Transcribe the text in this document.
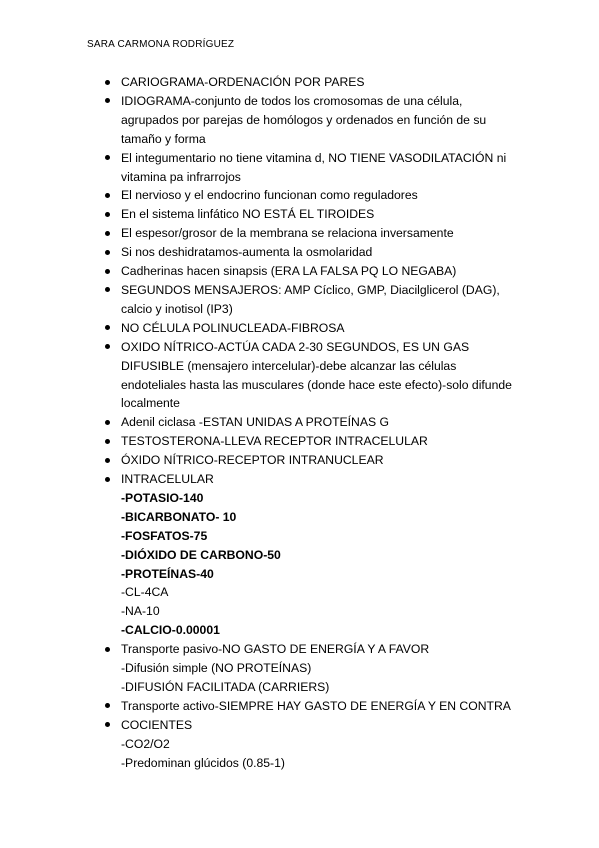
SARA CARMONA RODRÍGUEZ
CARIOGRAMA-ORDENACIÓN POR PARES
IDIOGRAMA-conjunto de todos los cromosomas de una célula, agrupados por parejas de homólogos y ordenados en función de su tamaño y forma
El integumentario no tiene vitamina d, NO TIENE VASODILATACIÓN ni vitamina pa infrarrojos
El nervioso y el endocrino funcionan como reguladores
En el sistema linfático NO ESTÁ EL TIROIDES
El espesor/grosor de la membrana se relaciona inversamente
Si nos deshidratamos-aumenta la osmolaridad
Cadherinas hacen sinapsis (ERA LA FALSA PQ LO NEGABA)
SEGUNDOS MENSAJEROS: AMP Cíclico, GMP, Diacilglicerol (DAG), calcio y inotisol (IP3)
NO CÉLULA POLINUCLEADA-FIBROSA
OXIDO NÍTRICO-ACTÚA CADA 2-30 SEGUNDOS, ES UN GAS DIFUSIBLE (mensajero intercelular)-debe alcanzar las células endoteliales hasta las musculares (donde hace este efecto)-solo difunde localmente
Adenil ciclasa -ESTAN UNIDAS A PROTEÍNAS G
TESTOSTERONA-LLEVA RECEPTOR INTRACELULAR
ÓXIDO NÍTRICO-RECEPTOR INTRANUCLEAR
INTRACELULAR
-POTASIO-140
-BICARBONATO- 10
-FOSFATOS-75
-DIÓXIDO DE CARBONO-50
-PROTEÍNAS-40
-CL-4CA
-NA-10
-CALCIO-0.00001
Transporte pasivo-NO GASTO DE ENERGÍA Y A FAVOR
-Difusión simple (NO PROTEÍNAS)
-DIFUSIÓN FACILITADA (CARRIERS)
Transporte activo-SIEMPRE HAY GASTO DE ENERGÍA Y EN CONTRA
COCIENTES
-CO2/O2
-Predominan glúcidos (0.85-1)
